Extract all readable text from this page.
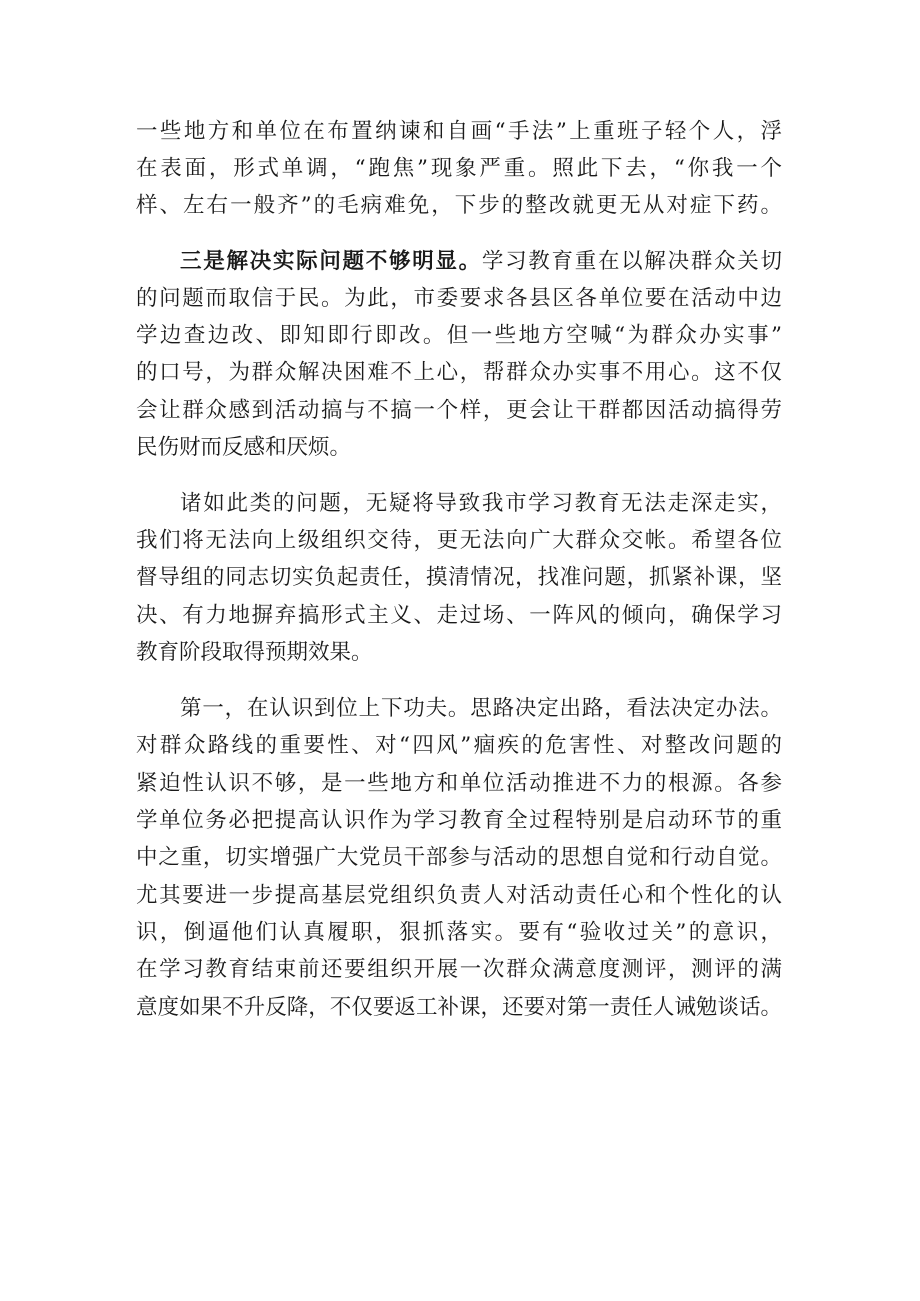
一些地方和单位在布置纳谏和自画“手法”上重班子轻个人，浮
在表面，形式单调，“跑焦”现象严重。照此下去，“你我一个
样、左右一般齐”的毛病难免，下步的整改就更无从对症下药。
三是解决实际问题不够明显。学习教育重在以解决群众关切
的问题而取信于民。为此，市委要求各县区各单位要在活动中边
学边查边改、即知即行即改。但一些地方空喊“为群众办实事”
的口号，为群众解决困难不上心，帮群众办实事不用心。这不仅
会让群众感到活动搞与不搞一个样，更会让干群都因活动搞得劳
民伤财而反感和厌烦。
诸如此类的问题，无疑将导致我市学习教育无法走深走实，
我们将无法向上级组织交待，更无法向广大群众交帐。希望各位
督导组的同志切实负起责任，摸清情况，找准问题，抓紧补课，坚
决、有力地摒弃搞形式主义、走过场、一阵风的倾向，确保学习
教育阶段取得预期效果。
第一，在认识到位上下功夫。思路决定出路，看法决定办法。
对群众路线的重要性、对“四风”痼疾的危害性、对整改问题的
紧迫性认识不够，是一些地方和单位活动推进不力的根源。各参
学单位务必把提高认识作为学习教育全过程特别是启动环节的重
中之重，切实增强广大党员干部参与活动的思想自觉和行动自觉。
尤其要进一步提高基层党组织负责人对活动责任心和个性化的认
识，倒逼他们认真履职，狠抓落实。要有“验收过关”的意识，
在学习教育结束前还要组织开展一次群众满意度测评，测评的满
意度如果不升反降，不仅要返工补课，还要对第一责任人诫勉谈话。
